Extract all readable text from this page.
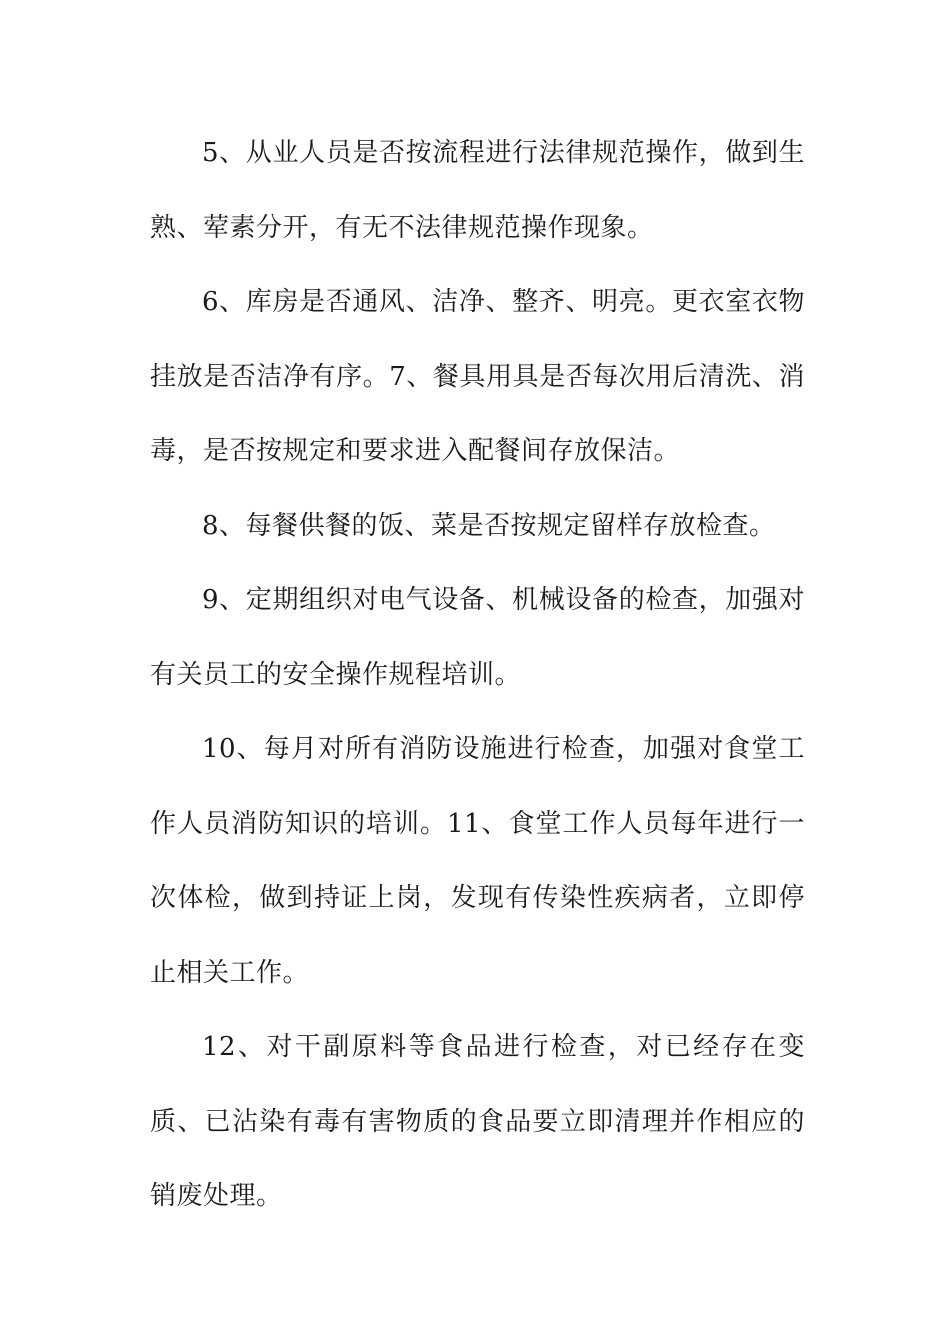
5、从业人员是否按流程进行法律规范操作，做到生熟、荤素分开，有无不法律规范操作现象。

6、库房是否通风、洁净、整齐、明亮。更衣室衣物挂放是否洁净有序。7、餐具用具是否每次用后清洗、消毒，是否按规定和要求进入配餐间存放保洁。

8、每餐供餐的饭、菜是否按规定留样存放检查。

9、定期组织对电气设备、机械设备的检查，加强对有关员工的安全操作规程培训。

10、每月对所有消防设施进行检查，加强对食堂工作人员消防知识的培训。11、食堂工作人员每年进行一次体检，做到持证上岗，发现有传染性疾病者，立即停止相关工作。

12、对干副原料等食品进行检查，对已经存在变质、已沾染有毒有害物质的食品要立即清理并作相应的销废处理。
